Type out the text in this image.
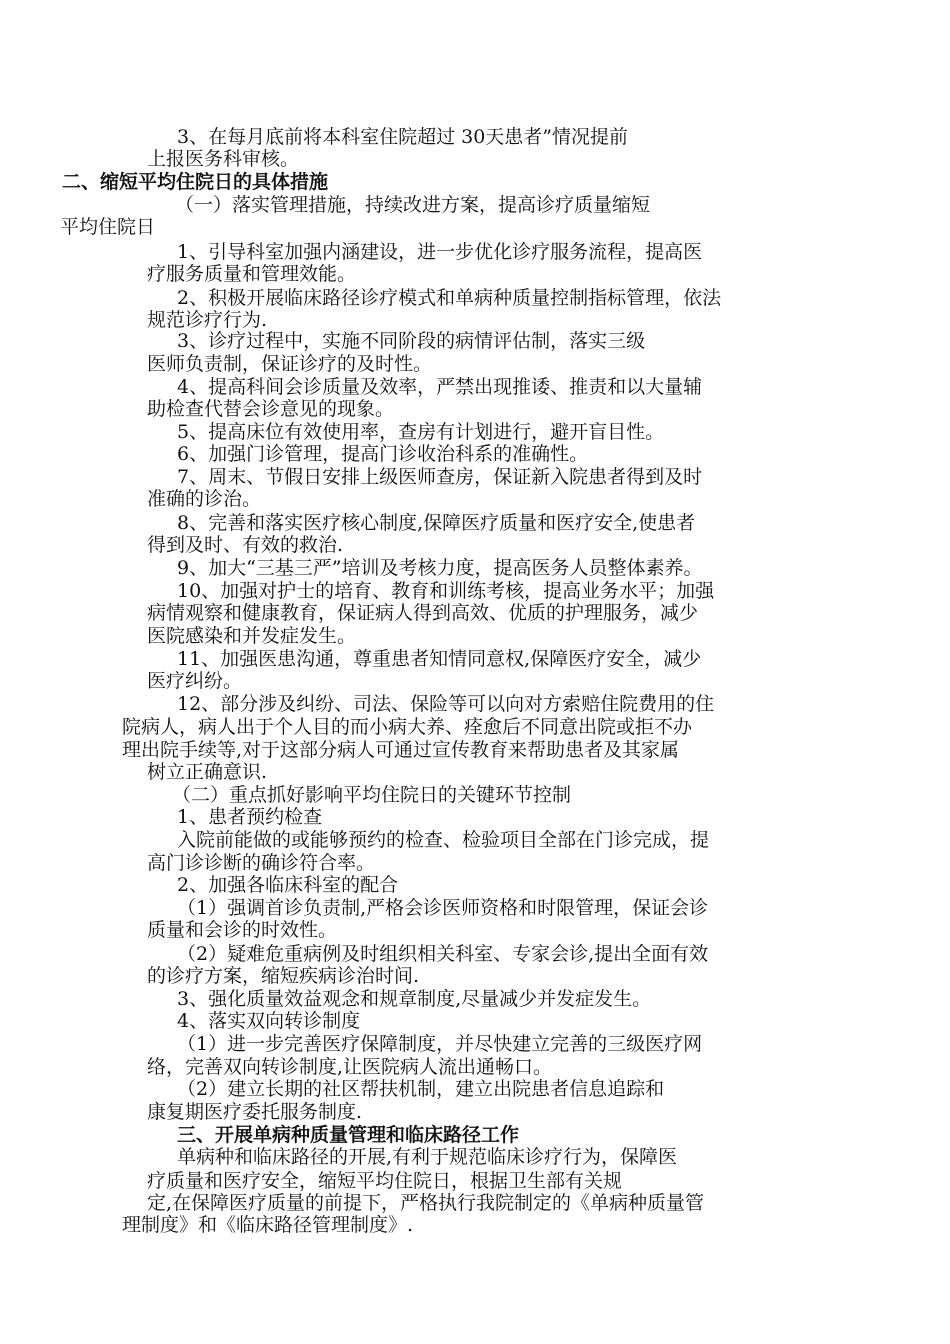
3、在每月底前将本科室住院超过 30天患者”情况提前
上报医务科审核。
二、缩短平均住院日的具体措施
（一）落实管理措施，持续改进方案，提高诊疗质量缩短
平均住院日
1、引导科室加强内涵建设，进一步优化诊疗服务流程，提高医
疗服务质量和管理效能。
2、积极开展临床路径诊疗模式和单病种质量控制指标管理，依法
规范诊疗行为.
3、诊疗过程中，实施不同阶段的病情评估制，落实三级
医师负责制，保证诊疗的及时性。
4、提高科间会诊质量及效率，严禁出现推诿、推责和以大量辅
助检查代替会诊意见的现象。
5、提高床位有效使用率，查房有计划进行，避开盲目性。
6、加强门诊管理，提高门诊收治科系的准确性。
7、周末、节假日安排上级医师查房，保证新入院患者得到及时
准确的诊治。
8、完善和落实医疗核心制度,保障医疗质量和医疗安全,使患者
得到及时、有效的救治.
9、加大“三基三严”培训及考核力度，提高医务人员整体素养。
10、加强对护士的培育、教育和训练考核，提高业务水平；加强
病情观察和健康教育，保证病人得到高效、优质的护理服务，减少
医院感染和并发症发生。
11、加强医患沟通，尊重患者知情同意权,保障医疗安全，减少
医疗纠纷。
12、部分涉及纠纷、司法、保险等可以向对方索赔住院费用的住
院病人，病人出于个人目的而小病大养、痊愈后不同意出院或拒不办
理出院手续等,对于这部分病人可通过宣传教育来帮助患者及其家属
树立正确意识.
（二）重点抓好影响平均住院日的关键环节控制
1、患者预约检查
入院前能做的或能够预约的检查、检验项目全部在门诊完成，提
高门诊诊断的确诊符合率。
2、加强各临床科室的配合
（1）强调首诊负责制,严格会诊医师资格和时限管理，保证会诊
质量和会诊的时效性。
（2）疑难危重病例及时组织相关科室、专家会诊,提出全面有效
的诊疗方案，缩短疾病诊治时间.
3、强化质量效益观念和规章制度,尽量减少并发症发生。
4、落实双向转诊制度
（1）进一步完善医疗保障制度，并尽快建立完善的三级医疗网
络，完善双向转诊制度,让医院病人流出通畅口。
（2）建立长期的社区帮扶机制，建立出院患者信息追踪和
康复期医疗委托服务制度.
三、开展单病种质量管理和临床路径工作
单病种和临床路径的开展,有利于规范临床诊疗行为，保障医
疗质量和医疗安全，缩短平均住院日，根据卫生部有关规
定,在保障医疗质量的前提下，严格执行我院制定的《单病种质量管
理制度》和《临床路径管理制度》.
